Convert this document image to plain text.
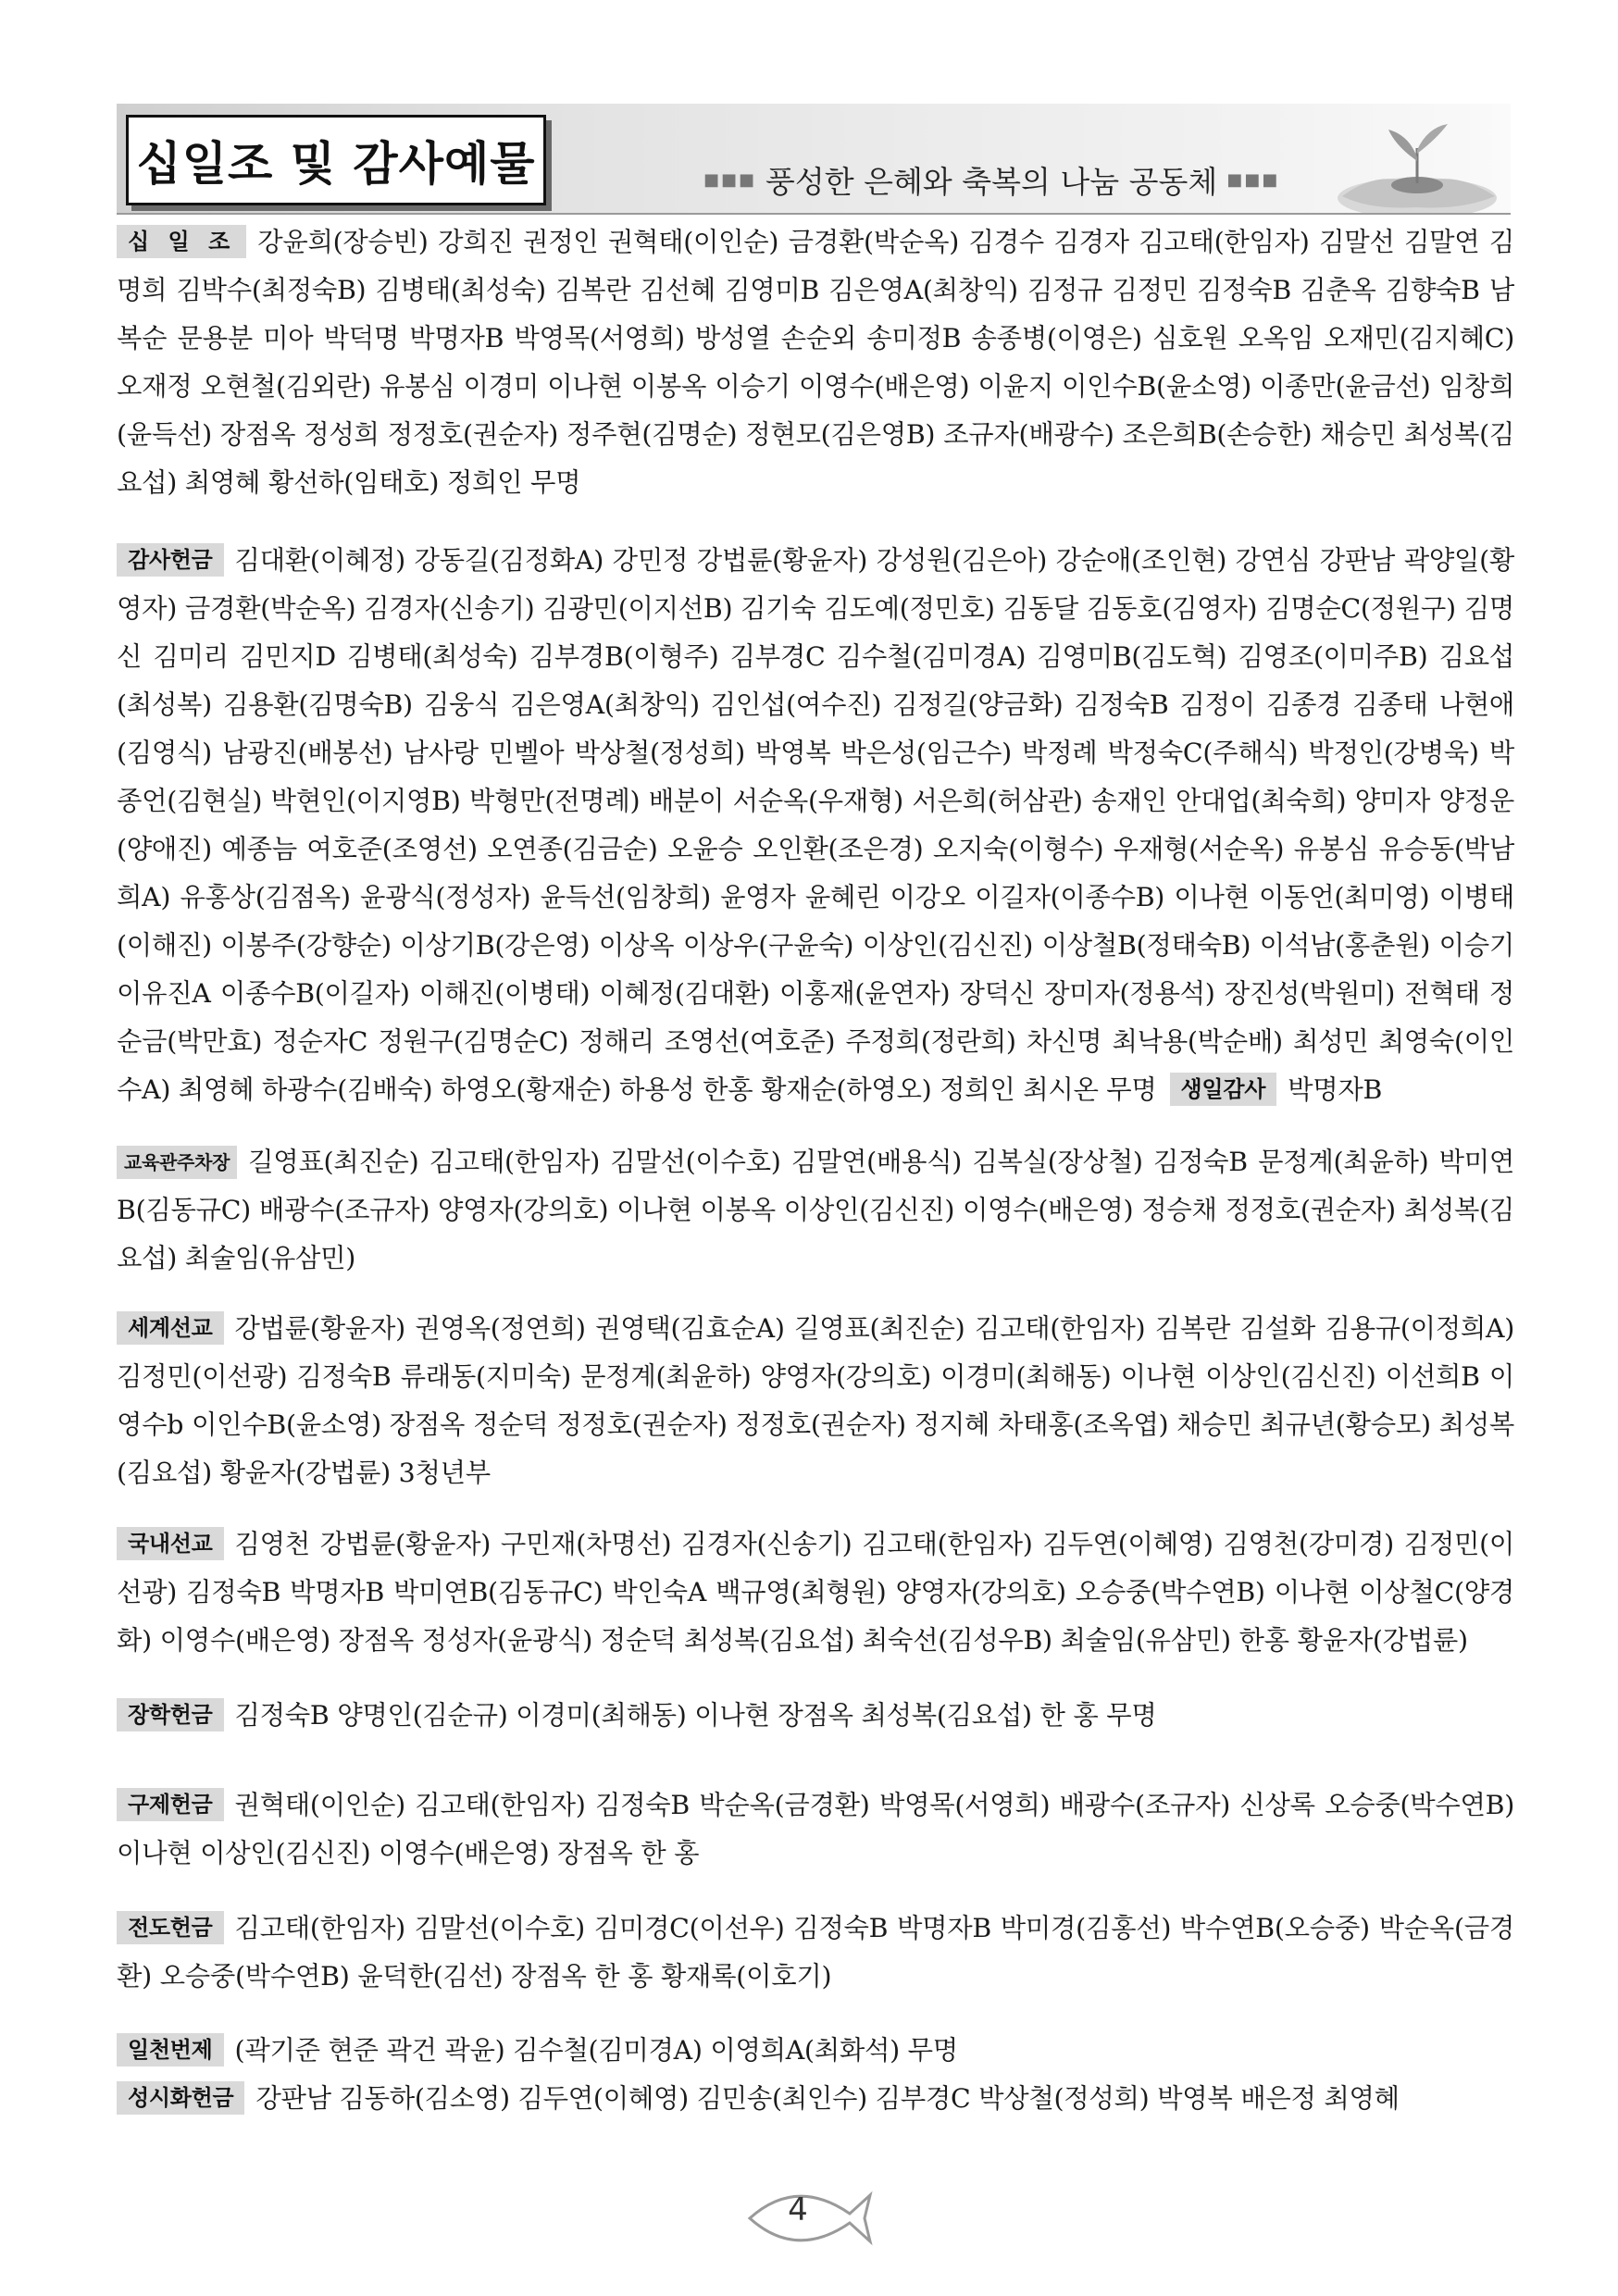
십일조 및 감사예물	■■■ 풍성한 은혜와 축복의 나눔 공동체 ■■■

십 일 조 강윤희(장승빈) 강희진 권정인 권혁태(이인순) 금경환(박순옥) 김경수 김경자 김고태(한임자) 김말선 김말연 김명희 김박수(최정숙B) 김병태(최성숙) 김복란 김선혜 김영미B 김은영A(최창익) 김정규 김정민 김정숙B 김춘옥 김향숙B 남복순 문용분 미아 박덕명 박명자B 박영목(서영희) 방성열 손순외 송미정B 송종병(이영은) 심호원 오옥임 오재민(김지혜C) 오재정 오현철(김외란) 유봉심 이경미 이나현 이봉옥 이승기 이영수(배은영) 이윤지 이인수B(윤소영) 이종만(윤금선) 임창희(윤득선) 장점옥 정성희 정정호(권순자) 정주현(김명순) 정현모(김은영B) 조규자(배광수) 조은희B(손승한) 채승민 최성복(김요섭) 최영혜 황선하(임태호) 정희인 무명

감사헌금 김대환(이혜정) 강동길(김정화A) 강민정 강법륜(황윤자) 강성원(김은아) 강순애(조인현) 강연심 강판남 곽양일(황영자) 금경환(박순옥) 김경자(신송기) 김광민(이지선B) 김기숙 김도예(정민호) 김동달 김동호(김영자) 김명순C(정원구) 김명신 김미리 김민지D 김병태(최성숙) 김부경B(이형주) 김부경C 김수철(김미경A) 김영미B(김도혁) 김영조(이미주B) 김요섭(최성복) 김용환(김명숙B) 김웅식 김은영A(최창익) 김인섭(여수진) 김정길(양금화) 김정숙B 김정이 김종경 김종태 나현애(김영식) 남광진(배봉선) 남사랑 민벨아 박상철(정성희) 박영복 박은성(임근수) 박정례 박정숙C(주해식) 박정인(강병욱) 박종언(김현실) 박현인(이지영B) 박형만(전명례) 배분이 서순옥(우재형) 서은희(허삼관) 송재인 안대업(최숙희) 양미자 양정운(양애진) 예종늠 여호준(조영선) 오연종(김금순) 오윤승 오인환(조은경) 오지숙(이형수) 우재형(서순옥) 유봉심 유승동(박남희A) 유홍상(김점옥) 윤광식(정성자) 윤득선(임창희) 윤영자 윤혜린 이강오 이길자(이종수B) 이나현 이동언(최미영) 이병태(이해진) 이봉주(강향순) 이상기B(강은영) 이상옥 이상우(구윤숙) 이상인(김신진) 이상철B(정태숙B) 이석남(홍춘원) 이승기 이유진A 이종수B(이길자) 이해진(이병태) 이혜정(김대환) 이홍재(윤연자) 장덕신 장미자(정용석) 장진성(박원미) 전혁태 정순금(박만효) 정순자C 정원구(김명순C) 정해리 조영선(여호준) 주정희(정란희) 차신명 최낙용(박순배) 최성민 최영숙(이인수A) 최영혜 하광수(김배숙) 하영오(황재순) 하용성 한홍 황재순(하영오) 정희인 최시온 무명 생일감사 박명자B

교육관주차장 길영표(최진순) 김고태(한임자) 김말선(이수호) 김말연(배용식) 김복실(장상철) 김정숙B 문정계(최윤하) 박미연B(김동규C) 배광수(조규자) 양영자(강의호) 이나현 이봉옥 이상인(김신진) 이영수(배은영) 정승채 정정호(권순자) 최성복(김요섭) 최술임(유삼민)

세계선교 강법륜(황윤자) 권영옥(정연희) 권영택(김효순A) 길영표(최진순) 김고태(한임자) 김복란 김설화 김용규(이정희A) 김정민(이선광) 김정숙B 류래동(지미숙) 문정계(최윤하) 양영자(강의호) 이경미(최해동) 이나현 이상인(김신진) 이선희B 이영수b 이인수B(윤소영) 장점옥 정순덕 정정호(권순자) 정정호(권순자) 정지혜 차태홍(조옥엽) 채승민 최규년(황승모) 최성복(김요섭) 황윤자(강법륜) 3청년부

국내선교 김영천 강법륜(황윤자) 구민재(차명선) 김경자(신송기) 김고태(한임자) 김두연(이혜영) 김영천(강미경) 김정민(이선광) 김정숙B 박명자B 박미연B(김동규C) 박인숙A 백규영(최형원) 양영자(강의호) 오승중(박수연B) 이나현 이상철C(양경화) 이영수(배은영) 장점옥 정성자(윤광식) 정순덕 최성복(김요섭) 최숙선(김성우B) 최술임(유삼민) 한홍 황윤자(강법륜)

장학헌금 김정숙B 양명인(김순규) 이경미(최해동) 이나현 장점옥 최성복(김요섭) 한 홍 무명

구제헌금 권혁태(이인순) 김고태(한임자) 김정숙B 박순옥(금경환) 박영목(서영희) 배광수(조규자) 신상록 오승중(박수연B) 이나현 이상인(김신진) 이영수(배은영) 장점옥 한 홍

전도헌금 김고태(한임자) 김말선(이수호) 김미경C(이선우) 김정숙B 박명자B 박미경(김홍선) 박수연B(오승중) 박순옥(금경환) 오승중(박수연B) 윤덕한(김선) 장점옥 한 홍 황재록(이호기)

일천번제 (곽기준 현준 곽건 곽윤) 김수철(김미경A) 이영희A(최화석) 무명

성시화헌금 강판남 김동하(김소영) 김두연(이혜영) 김민송(최인수) 김부경C 박상철(정성희) 박영복 배은정 최영혜

4
